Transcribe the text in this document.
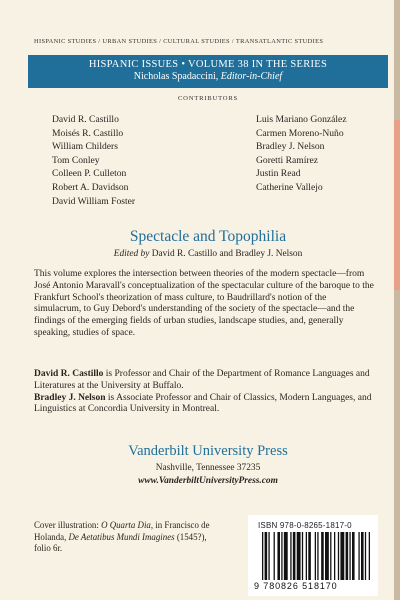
HISPANIC STUDIES / URBAN STUDIES / CULTURAL STUDIES / TRANSATLANTIC STUDIES
HISPANIC ISSUES • VOLUME 38 IN THE SERIES
Nicholas Spadaccini, Editor-in-Chief
CONTRIBUTORS
David R. Castillo
Moisés R. Castillo
William Childers
Tom Conley
Colleen P. Culleton
Robert A. Davidson
David William Foster
Luis Mariano González
Carmen Moreno-Nuño
Bradley J. Nelson
Goretti Ramírez
Justin Read
Catherine Vallejo
Spectacle and Topophilia
Edited by David R. Castillo and Bradley J. Nelson

This volume explores the intersection between theories of the modern spectacle—from José Antonio Maravall's conceptualization of the spectacular culture of the baroque to the Frankfurt School's theorization of mass culture, to Baudrillard's notion of the simulacrum, to Guy Debord's understanding of the society of the spectacle—and the findings of the emerging fields of urban studies, landscape studies, and, generally speaking, studies of space.

David R. Castillo is Professor and Chair of the Department of Romance Languages and Literatures at the University at Buffalo.

Bradley J. Nelson is Associate Professor and Chair of Classics, Modern Languages, and Linguistics at Concordia University in Montreal.

Vanderbilt University Press
Nashville, Tennessee 37235
www.VanderbiltUniversityPress.com

Cover illustration: O Quarta Dia, in Francisco de Holanda, De Aetatibus Mundi Imagines (1545?), folio 6r.

ISBN 978-0-8265-1817-0
9 780826 518170
